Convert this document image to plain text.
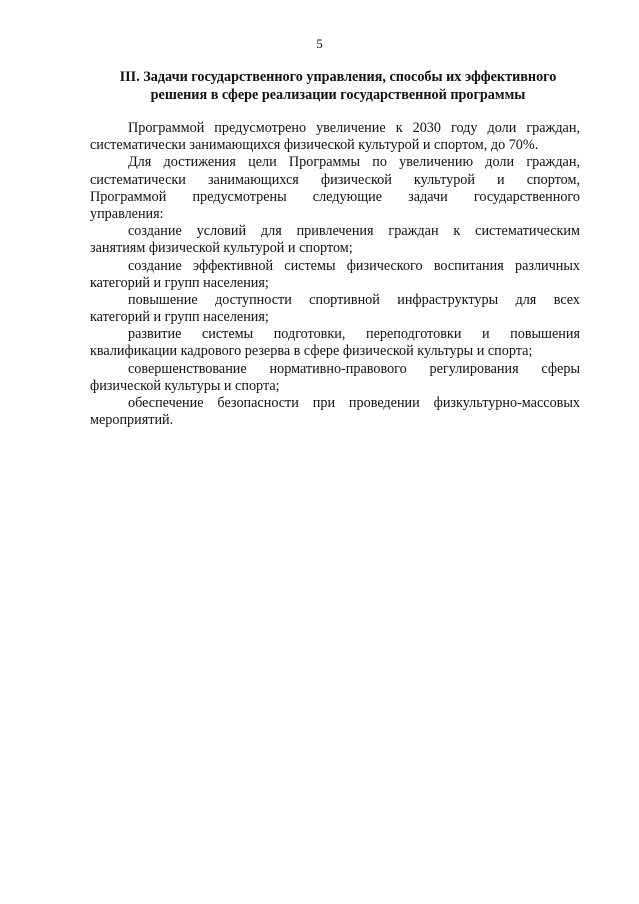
5
III. Задачи государственного управления, способы их эффективного
решения в сфере реализации государственной программы
Программой предусмотрено увеличение к 2030 году доли граждан,
систематически занимающихся физической культурой и спортом, до 70%.
Для достижения цели Программы по увеличению доли граждан,
систематически занимающихся физической культурой и спортом,
Программой предусмотрены следующие задачи государственного
управления:
создание условий для привлечения граждан к систематическим
занятиям физической культурой и спортом;
создание эффективной системы физического воспитания различных
категорий и групп населения;
повышение доступности спортивной инфраструктуры для всех
категорий и групп населения;
развитие системы подготовки, переподготовки и повышения
квалификации кадрового резерва в сфере физической культуры и спорта;
совершенствование нормативно-правового регулирования сферы
физической культуры и спорта;
обеспечение безопасности при проведении физкультурно-массовых
мероприятий.
